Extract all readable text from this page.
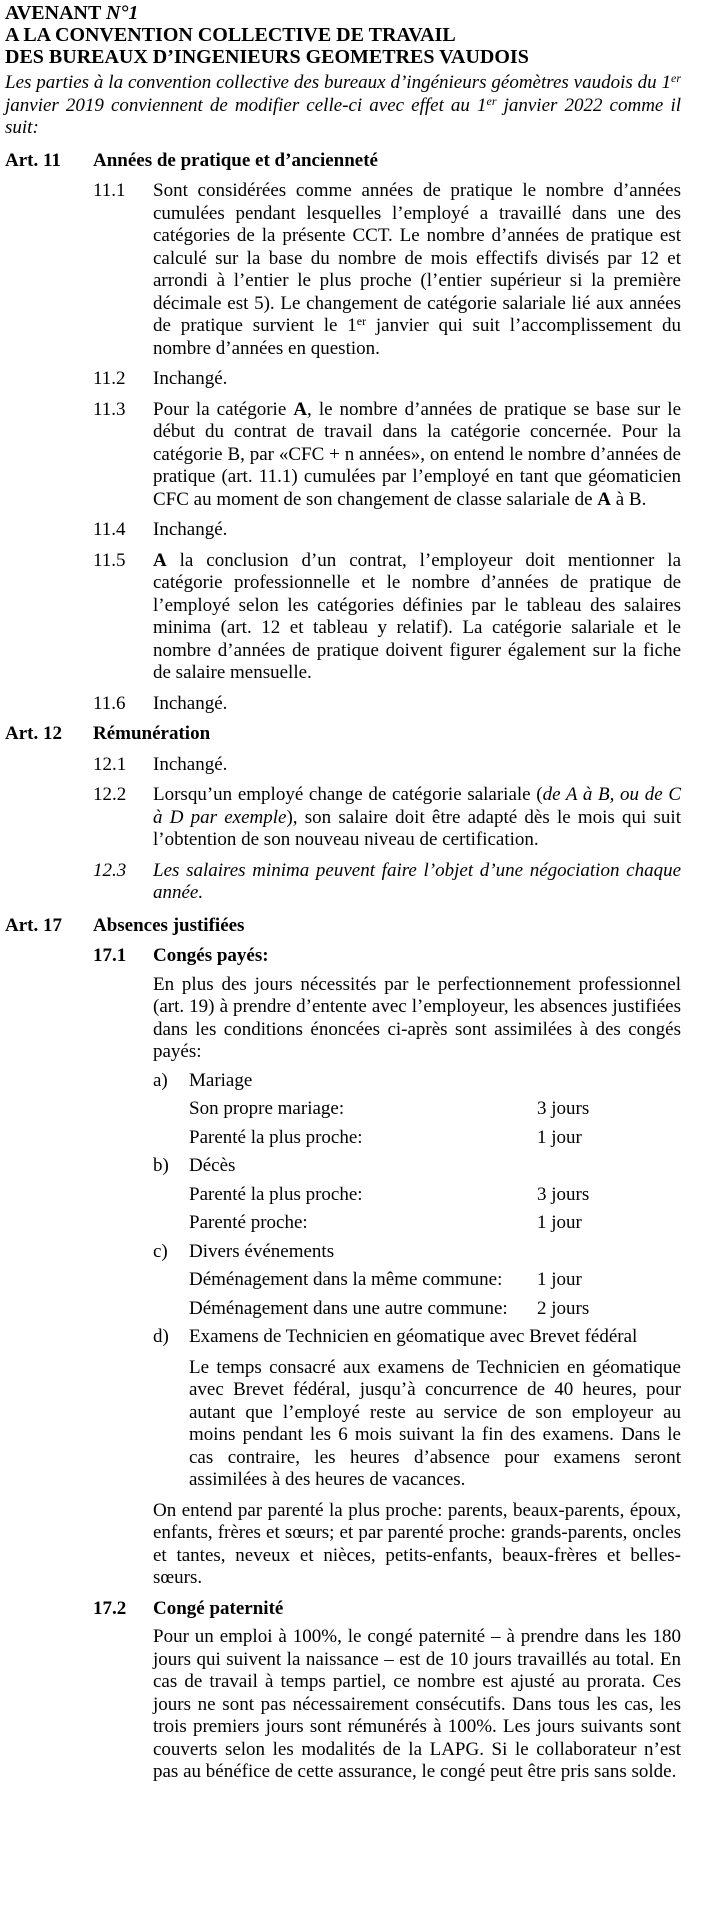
AVENANT N°1
A LA CONVENTION COLLECTIVE DE TRAVAIL
DES BUREAUX D’INGENIEURS GEOMETRES VAUDOIS
Les parties à la convention collective des bureaux d’ingénieurs géomètres vaudois du 1er janvier 2019 conviennent de modifier celle-ci avec effet au 1er janvier 2022 comme il suit:
Art. 11	Années de pratique et d’ancienneté
11.1	Sont considérées comme années de pratique le nombre d’années cumulées pendant lesquelles l’employé a travaillé dans une des catégories de la présente CCT. Le nombre d’années de pratique est calculé sur la base du nombre de mois effectifs divisés par 12 et arrondi à l’entier le plus proche (l’entier supérieur si la première décimale est 5). Le changement de catégorie salariale lié aux années de pratique survient le 1er janvier qui suit l’accomplissement du nombre d’années en question.
11.2	Inchangé.
11.3	Pour la catégorie A, le nombre d’années de pratique se base sur le début du contrat de travail dans la catégorie concernée. Pour la catégorie B, par «CFC + n années», on entend le nombre d’années de pratique (art. 11.1) cumulées par l’employé en tant que géomaticien CFC au moment de son changement de classe salariale de A à B.
11.4	Inchangé.
11.5	A la conclusion d’un contrat, l’employeur doit mentionner la catégorie professionnelle et le nombre d’années de pratique de l’employé selon les catégories définies par le tableau des salaires minima (art. 12 et tableau y relatif). La catégorie salariale et le nombre d’années de pratique doivent figurer également sur la fiche de salaire mensuelle.
11.6	Inchangé.
Art. 12	Rémunération
12.1	Inchangé.
12.2	Lorsqu’un employé change de catégorie salariale (de A à B, ou de C à D par exemple), son salaire doit être adapté dès le mois qui suit l’obtention de son nouveau niveau de certification.
12.3	Les salaires minima peuvent faire l’objet d’une négociation chaque année.
Art. 17	Absences justifiées
17.1	Congés payés:
En plus des jours nécessités par le perfectionnement professionnel (art. 19) à prendre d’entente avec l’employeur, les absences justifiées dans les conditions énoncées ci-après sont assimilées à des congés payés:
a)	Mariage
Son propre mariage:	3 jours
Parenté la plus proche:	1 jour
b)	Décès
Parenté la plus proche:	3 jours
Parenté proche:	1 jour
c)	Divers événements
Déménagement dans la même commune:	1 jour
Déménagement dans une autre commune:	2 jours
d)	Examens de Technicien en géomatique avec Brevet fédéral
Le temps consacré aux examens de Technicien en géomatique avec Brevet fédéral, jusqu’à concurrence de 40 heures, pour autant que l’employé reste au service de son employeur au moins pendant les 6 mois suivant la fin des examens. Dans le cas contraire, les heures d’absence pour examens seront assimilées à des heures de vacances.
On entend par parenté la plus proche: parents, beaux-parents, époux, enfants, frères et sœurs; et par parenté proche: grands-parents, oncles et tantes, neveux et nièces, petits-enfants, beaux-frères et belles-sœurs.
17.2	Congé paternité
Pour un emploi à 100%, le congé paternité – à prendre dans les 180 jours qui suivent la naissance – est de 10 jours travaillés au total. En cas de travail à temps partiel, ce nombre est ajusté au prorata. Ces jours ne sont pas nécessairement consécutifs. Dans tous les cas, les trois premiers jours sont rémunérés à 100%. Les jours suivants sont couverts selon les modalités de la LAPG. Si le collaborateur n’est pas au bénéfice de cette assurance, le congé peut être pris sans solde.
